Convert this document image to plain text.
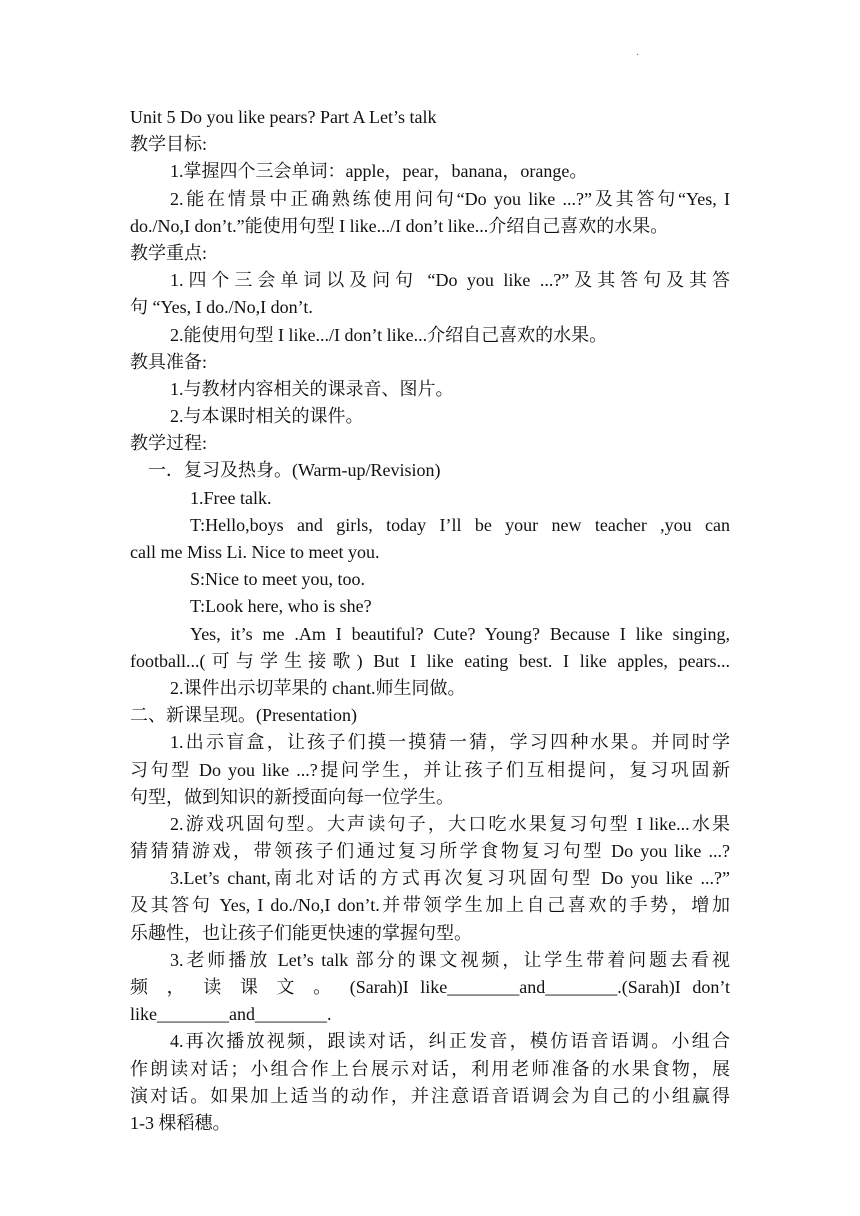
·
Unit 5 Do you like pears? Part A Let’s talk
教学目标:
1.掌握四个三会单词：apple，pear，banana，orange。
2.能在情景中正确熟练使用问句“Do you like ...?”及其答句“Yes, I
do./No,I don’t.”能使用句型 I like.../I don’t like...介绍自己喜欢的水果。
教学重点:
1.四个三会单词以及问句 “Do you like ...?”及其答句及其答
句 “Yes, I do./No,I don’t.
2.能使用句型 I like.../I don’t like...介绍自己喜欢的水果。
教具准备:
1.与教材内容相关的课录音、图片。
2.与本课时相关的课件。
教学过程:
一．复习及热身。(Warm-up/Revision)
1.Free talk.
T:Hello,boys and girls, today I’ll be your new teacher ,you can
call me Miss Li. Nice to meet you.
S:Nice to meet you, too.
T:Look here, who is she?
Yes, it’s me .Am I beautiful? Cute? Young? Because I like singing,
football...(可与学生接歌) But I like eating best. I like apples, pears...
2.课件出示切苹果的 chant.师生同做。
二、新课呈现。(Presentation)
1.出示盲盒，让孩子们摸一摸猜一猜，学习四种水果。并同时学
习句型 Do you like ...?提问学生，并让孩子们互相提问，复习巩固新
句型，做到知识的新授面向每一位学生。
2.游戏巩固句型。大声读句子，大口吃水果复习句型 I like...水果
猜猜猜游戏，带领孩子们通过复习所学食物复习句型 Do you like ...?
3.Let’s chant,南北对话的方式再次复习巩固句型 Do you like ...?”
及其答句 Yes, I do./No,I don’t.并带领学生加上自己喜欢的手势，增加
乐趣性，也让孩子们能更快速的掌握句型。
3.老师播放 Let’s talk 部分的课文视频，让学生带着问题去看视
频 ， 读 课 文 。 (Sarah)I like________and________.(Sarah)I don’t
like________and________.
4.再次播放视频，跟读对话，纠正发音，模仿语音语调。小组合
作朗读对话；小组合作上台展示对话，利用老师准备的水果食物，展
演对话。如果加上适当的动作，并注意语音语调会为自己的小组赢得
1-3 棵稻穗。
